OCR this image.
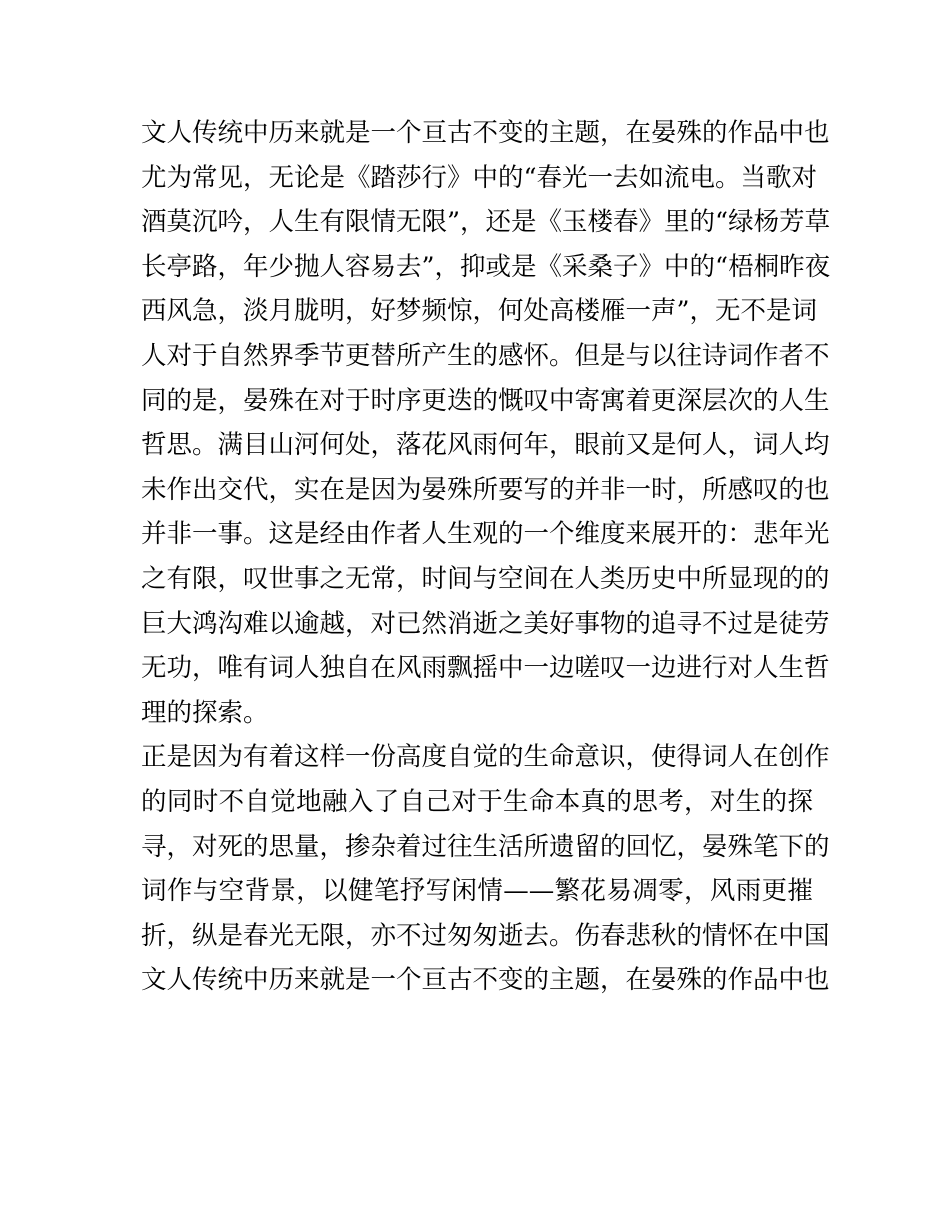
文人传统中历来就是一个亘古不变的主题，在晏殊的作品中也
尤为常见，无论是《踏莎行》中的“春光一去如流电。当歌对
酒莫沉吟，人生有限情无限”，还是《玉楼春》里的“绿杨芳草
长亭路，年少抛人容易去”，抑或是《采桑子》中的“梧桐昨夜
西风急，淡月胧明，好梦频惊，何处高楼雁一声”，无不是词
人对于自然界季节更替所产生的感怀。但是与以往诗词作者不
同的是，晏殊在对于时序更迭的慨叹中寄寓着更深层次的人生
哲思。满目山河何处，落花风雨何年，眼前又是何人，词人均
未作出交代，实在是因为晏殊所要写的并非一时，所感叹的也
并非一事。这是经由作者人生观的一个维度来展开的：悲年光
之有限，叹世事之无常，时间与空间在人类历史中所显现的的
巨大鸿沟难以逾越，对已然消逝之美好事物的追寻不过是徒劳
无功，唯有词人独自在风雨飘摇中一边嗟叹一边进行对人生哲
理的探索。
正是因为有着这样一份高度自觉的生命意识，使得词人在创作
的同时不自觉地融入了自己对于生命本真的思考，对生的探
寻，对死的思量，掺杂着过往生活所遗留的回忆，晏殊笔下的
词作与空背景，以健笔抒写闲情——繁花易凋零，风雨更摧
折，纵是春光无限，亦不过匆匆逝去。伤春悲秋的情怀在中国
文人传统中历来就是一个亘古不变的主题，在晏殊的作品中也
